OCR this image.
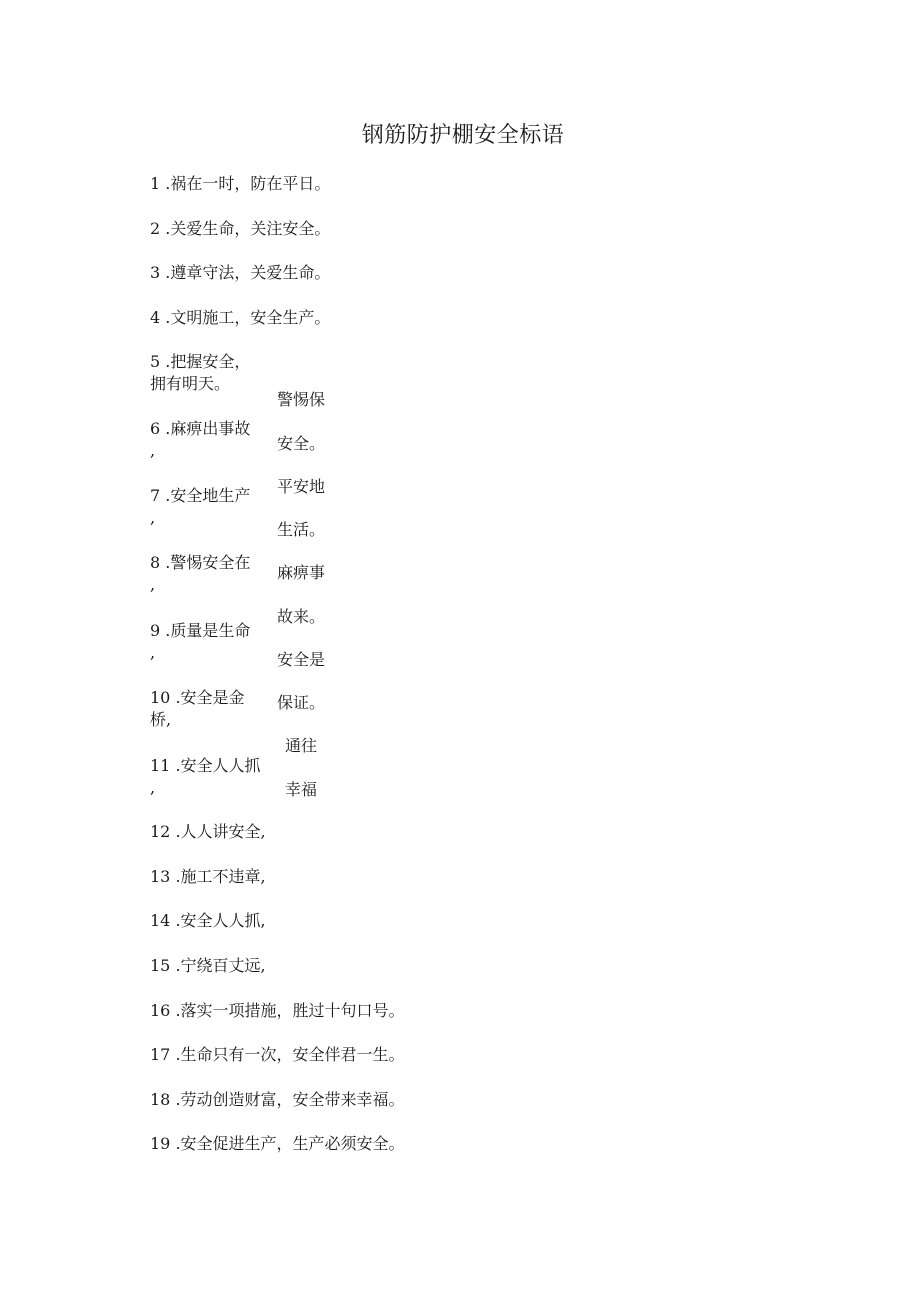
钢筋防护棚安全标语
1 .祸在一时，防在平日。
2 .关爱生命，关注安全。
3 .遵章守法，关爱生命。
4 .文明施工，安全生产。
5 .把握安全，
拥有明天。
6 .麻痹出事故
,
7 .安全地生产
,
8 .警惕安全在
,
9 .质量是生命
,
10 .安全是金
桥,
11 .安全人人抓
,
12 .人人讲安全,
13 .施工不违章,
14 .安全人人抓,
15 .宁绕百丈远,
16 .落实一项措施，胜过十句口号。
17 .生命只有一次，安全伴君一生。
18 .劳动创造财富，安全带来幸福。
19 .安全促进生产，生产必须安全。
警惕保
安全。
平安地
生活。
麻痹事
故来。
安全是
保证。
通往
幸福
